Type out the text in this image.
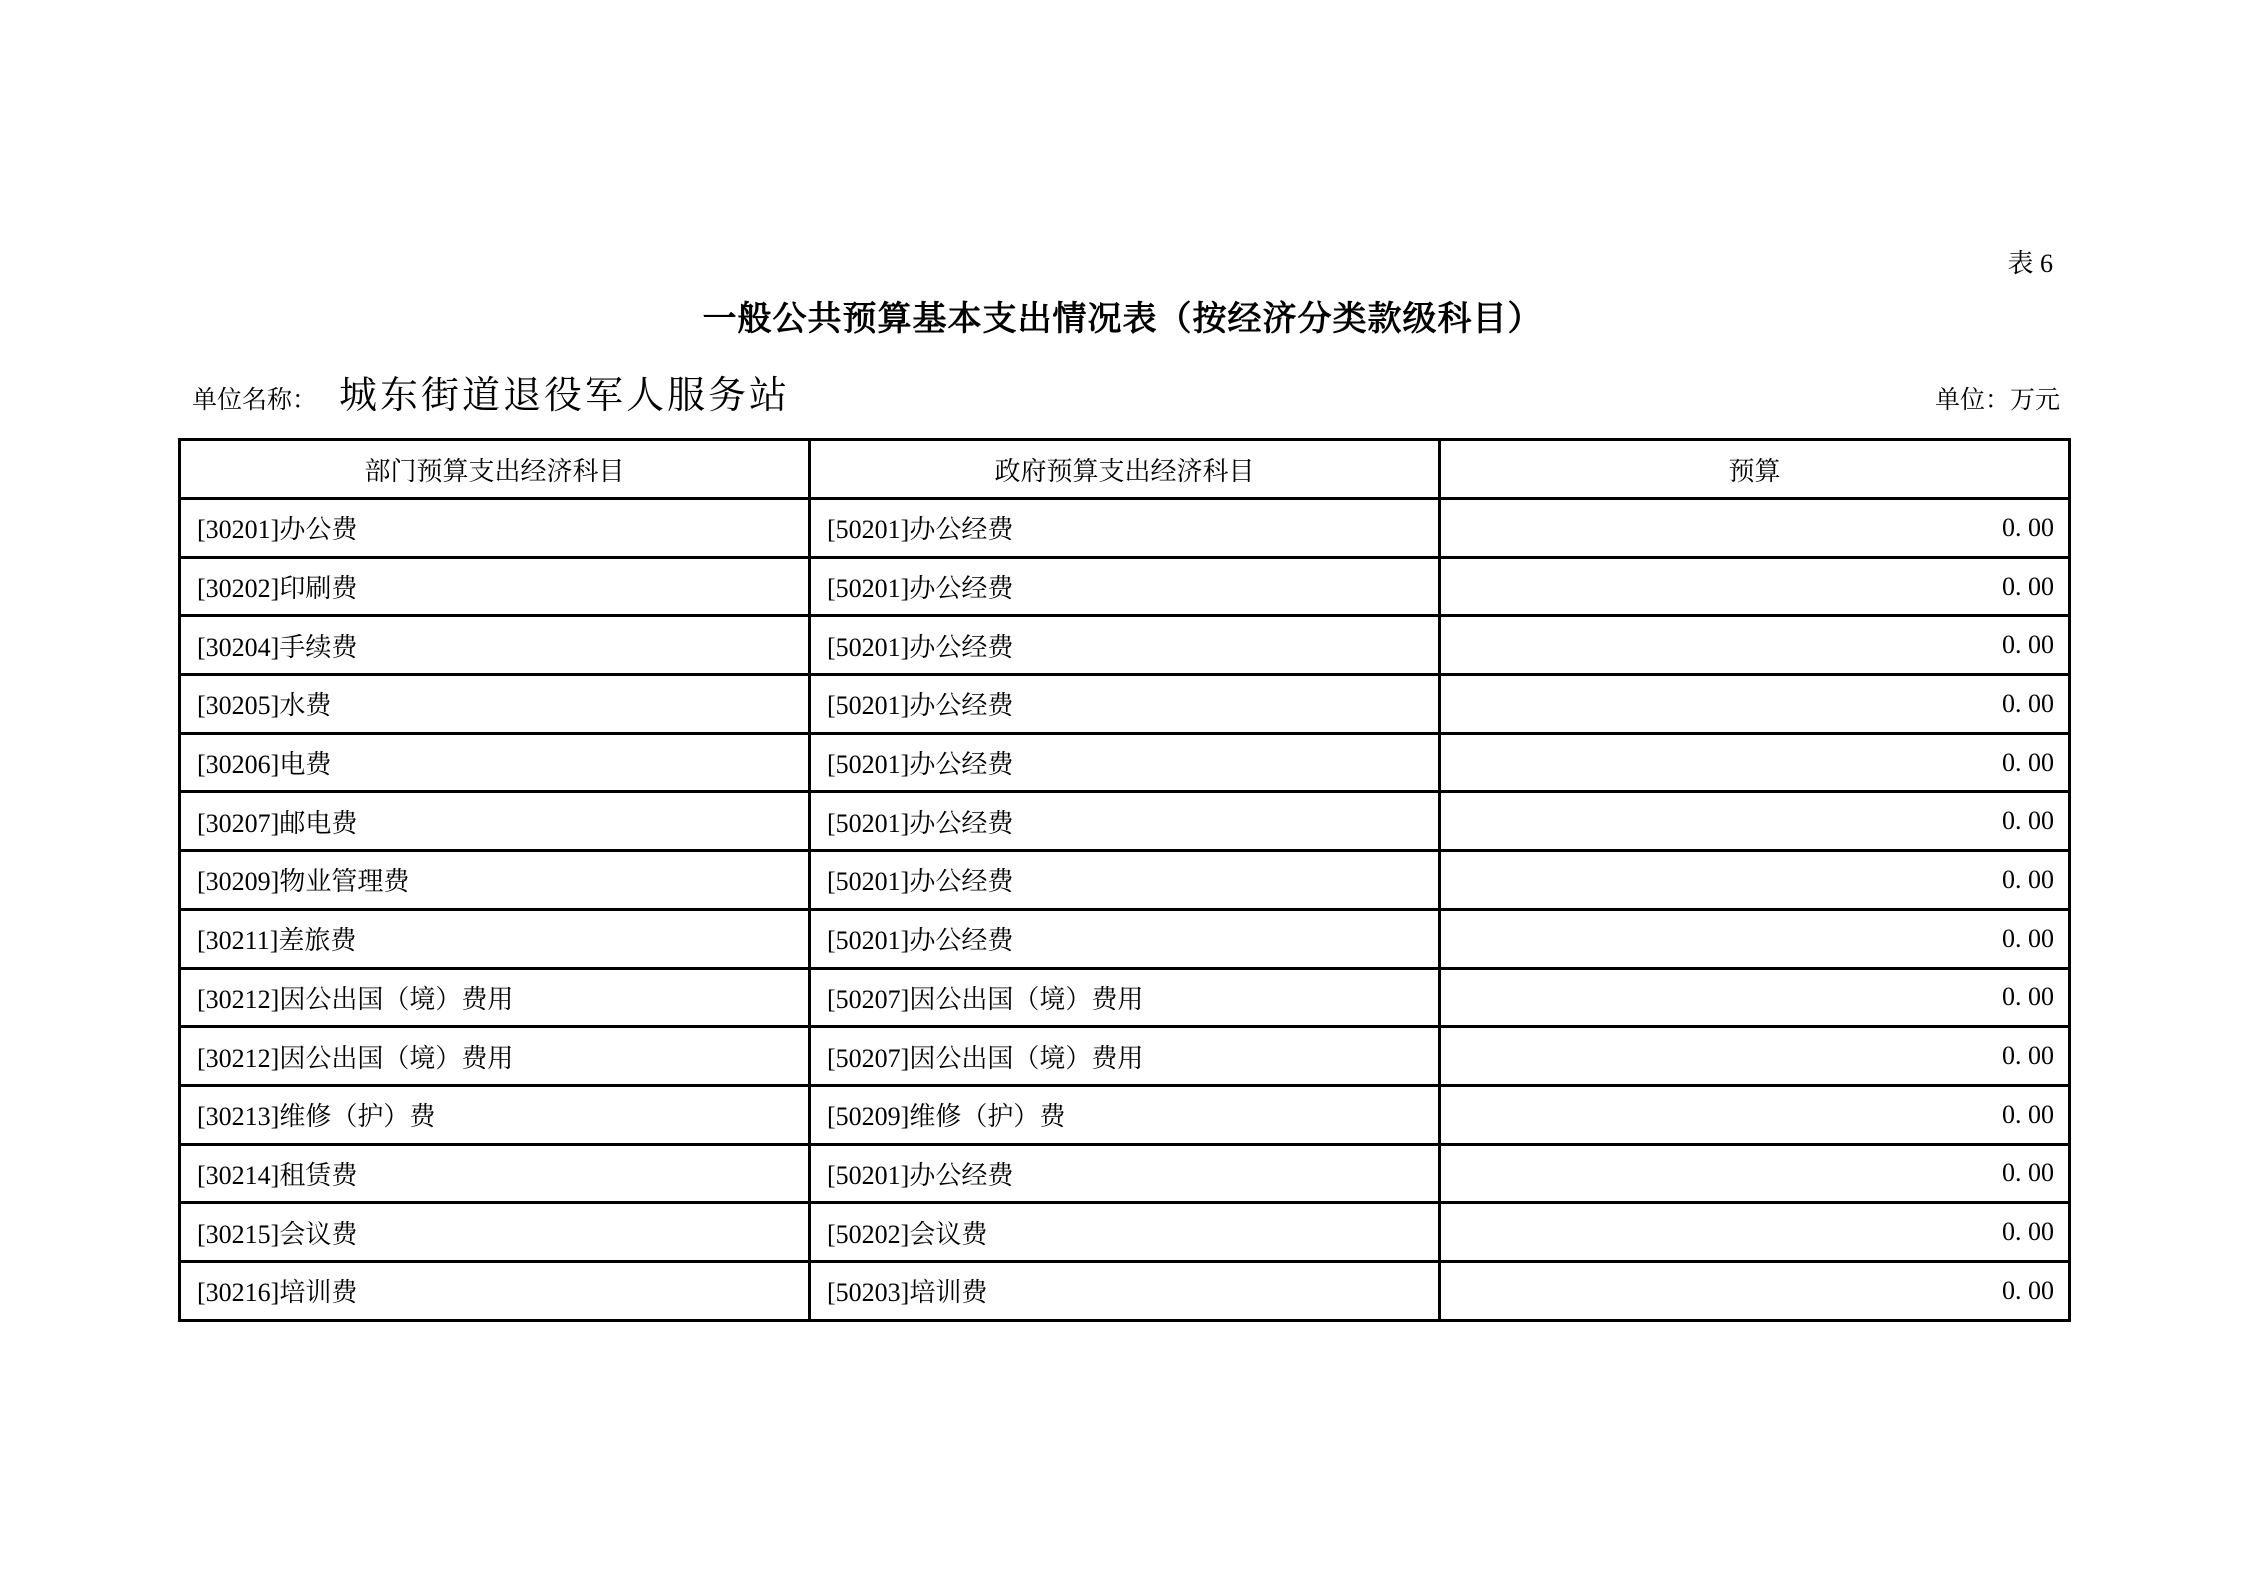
表 6
一般公共预算基本支出情况表（按经济分类款级科目）
单位名称： 城东街道退役军人服务站	单位：万元
部门预算支出经济科目	政府预算支出经济科目	预算
[30201]办公费	[50201]办公经费	0. 00
[30202]印刷费	[50201]办公经费	0. 00
[30204]手续费	[50201]办公经费	0. 00
[30205]水费	[50201]办公经费	0. 00
[30206]电费	[50201]办公经费	0. 00
[30207]邮电费	[50201]办公经费	0. 00
[30209]物业管理费	[50201]办公经费	0. 00
[30211]差旅费	[50201]办公经费	0. 00
[30212]因公出国（境）费用	[50207]因公出国（境）费用	0. 00
[30212]因公出国（境）费用	[50207]因公出国（境）费用	0. 00
[30213]维修（护）费	[50209]维修（护）费	0. 00
[30214]租赁费	[50201]办公经费	0. 00
[30215]会议费	[50202]会议费	0. 00
[30216]培训费	[50203]培训费	0. 00
